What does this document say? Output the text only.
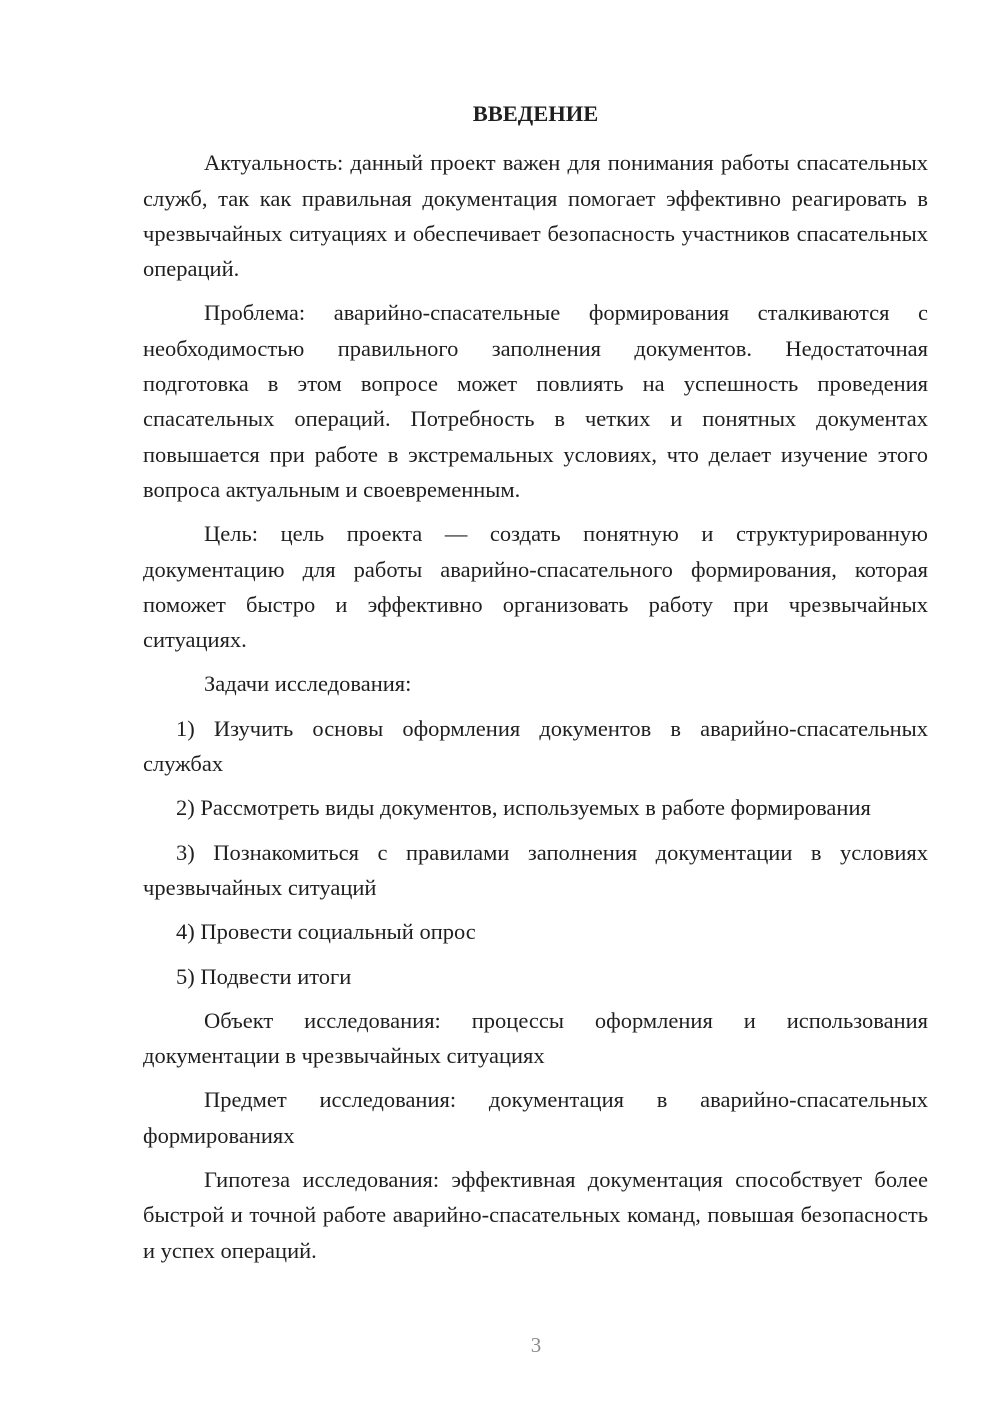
ВВЕДЕНИЕ

Актуальность: данный проект важен для понимания работы спасательных служб, так как правильная документация помогает эффективно реагировать в чрезвычайных ситуациях и обеспечивает безопасность участников спасательных операций.

Проблема: аварийно-спасательные формирования сталкиваются с необходимостью правильного заполнения документов. Недостаточная подготовка в этом вопросе может повлиять на успешность проведения спасательных операций. Потребность в четких и понятных документах повышается при работе в экстремальных условиях, что делает изучение этого вопроса актуальным и своевременным.

Цель: цель проекта — создать понятную и структурированную документацию для работы аварийно-спасательного формирования, которая поможет быстро и эффективно организовать работу при чрезвычайных ситуациях.

Задачи исследования:

1) Изучить основы оформления документов в аварийно-спасательных службах

2) Рассмотреть виды документов, используемых в работе формирования

3) Познакомиться с правилами заполнения документации в условиях чрезвычайных ситуаций

4) Провести социальный опрос

5) Подвести итоги

Объект исследования: процессы оформления и использования документации в чрезвычайных ситуациях

Предмет исследования: документация в аварийно-спасательных формированиях

Гипотеза исследования: эффективная документация способствует более быстрой и точной работе аварийно-спасательных команд, повышая безопасность и успех операций.

3
